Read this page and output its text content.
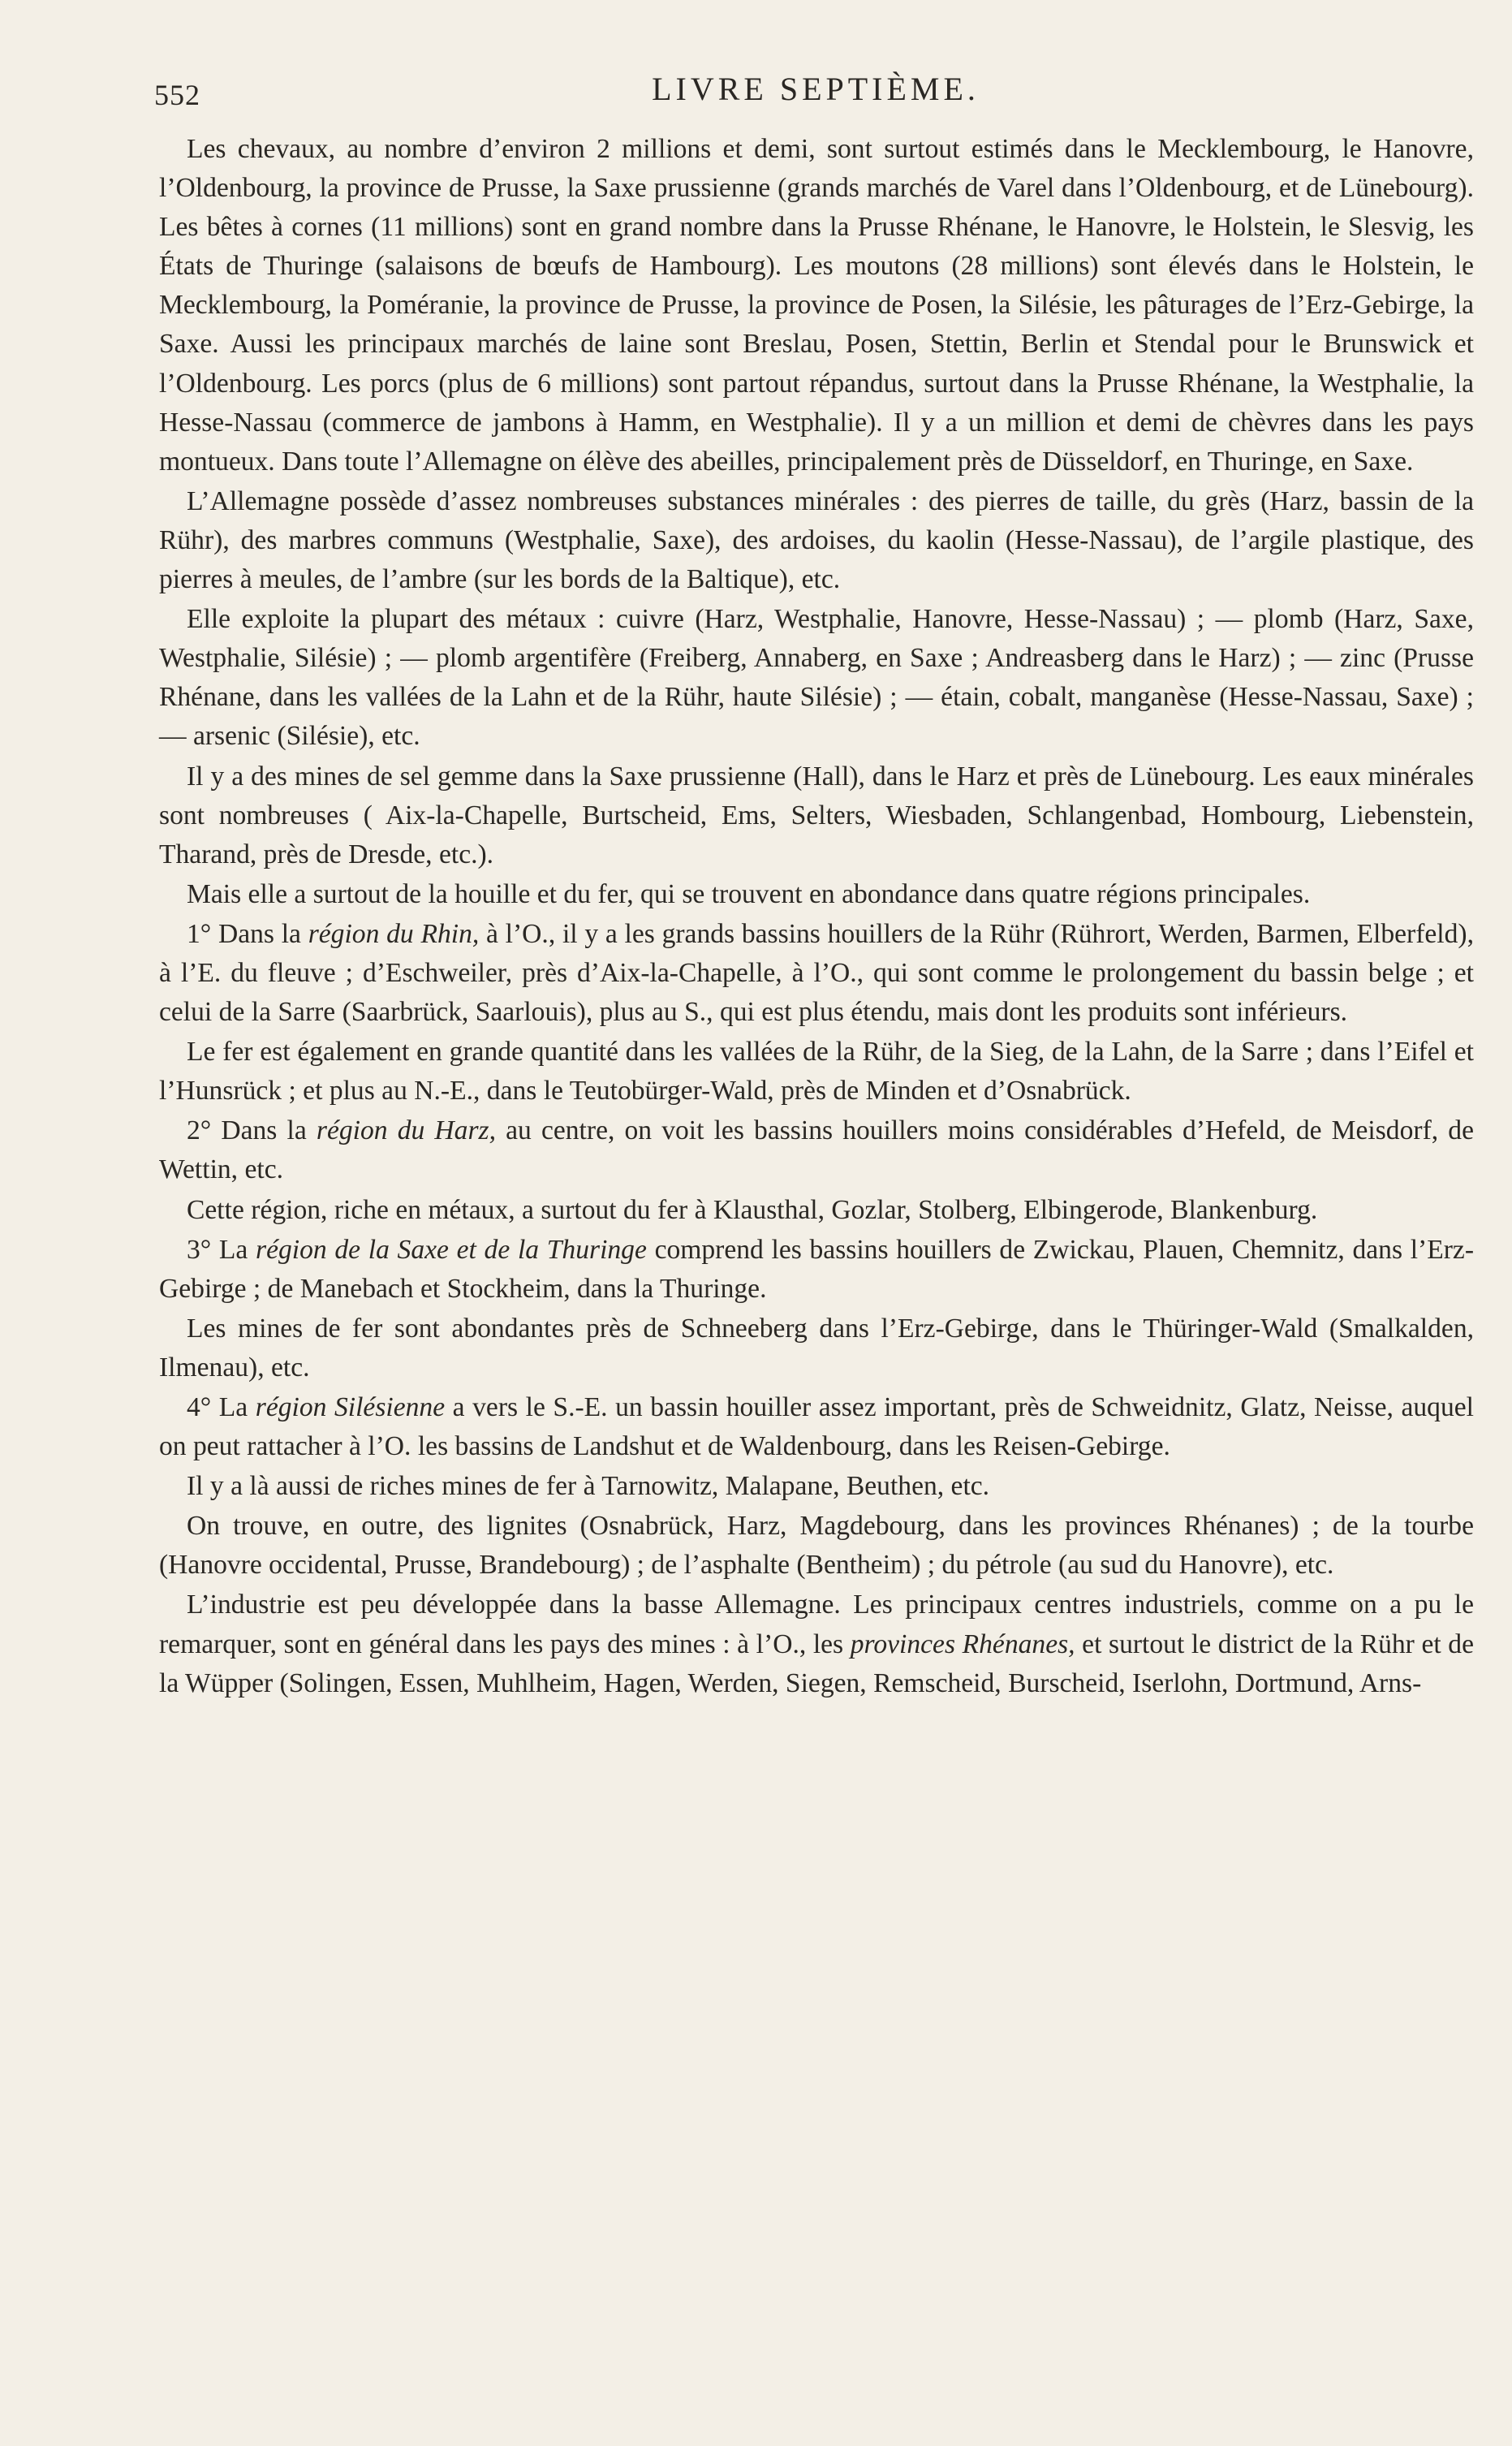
552	LIVRE SEPTIÈME.

Les chevaux, au nombre d’environ 2 millions et demi, sont surtout estimés dans le Mecklembourg, le Hanovre, l’Oldenbourg, la province de Prusse, la Saxe prussienne (grands marchés de Varel dans l’Oldenbourg, et de Lünebourg). Les bêtes à cornes (11 millions) sont en grand nombre dans la Prusse Rhénane, le Hanovre, le Holstein, le Slesvig, les États de Thuringe (salaisons de bœufs de Hambourg). Les moutons (28 millions) sont élevés dans le Holstein, le Mecklembourg, la Poméranie, la province de Prusse, la province de Posen, la Silésie, les pâturages de l’Erz-Gebirge, la Saxe. Aussi les principaux marchés de laine sont Breslau, Posen, Stettin, Berlin et Stendal pour le Brunswick et l’Oldenbourg. Les porcs (plus de 6 millions) sont partout répandus, surtout dans la Prusse Rhénane, la Westphalie, la Hesse-Nassau (commerce de jambons à Hamm, en Westphalie). Il y a un million et demi de chèvres dans les pays montueux. Dans toute l’Allemagne on élève des abeilles, principalement près de Düsseldorf, en Thuringe, en Saxe.

L’Allemagne possède d’assez nombreuses substances minérales : des pierres de taille, du grès (Harz, bassin de la Rühr), des marbres communs (Westphalie, Saxe), des ardoises, du kaolin (Hesse-Nassau), de l’argile plastique, des pierres à meules, de l’ambre (sur les bords de la Baltique), etc.

Elle exploite la plupart des métaux : cuivre (Harz, Westphalie, Hanovre, Hesse-Nassau) ; — plomb (Harz, Saxe, Westphalie, Silésie) ; — plomb argentifère (Freiberg, Annaberg, en Saxe ; Andreasberg dans le Harz) ; — zinc (Prusse Rhénane, dans les vallées de la Lahn et de la Rühr, haute Silésie) ; — étain, cobalt, manganèse (Hesse-Nassau, Saxe) ; — arsenic (Silésie), etc.

Il y a des mines de sel gemme dans la Saxe prussienne (Hall), dans le Harz et près de Lünebourg. Les eaux minérales sont nombreuses ( Aix-la-Chapelle, Burtscheid, Ems, Selters, Wiesbaden, Schlangenbad, Hombourg, Liebenstein, Tharand, près de Dresde, etc.).

Mais elle a surtout de la houille et du fer, qui se trouvent en abondance dans quatre régions principales.

1° Dans la région du Rhin, à l’O., il y a les grands bassins houillers de la Rühr (Rührort, Werden, Barmen, Elberfeld), à l’E. du fleuve ; d’Eschweiler, près d’Aix-la-Chapelle, à l’O., qui sont comme le prolongement du bassin belge ; et celui de la Sarre (Saarbrück, Saarlouis), plus au S., qui est plus étendu, mais dont les produits sont inférieurs.

Le fer est également en grande quantité dans les vallées de la Rühr, de la Sieg, de la Lahn, de la Sarre ; dans l’Eifel et l’Hunsrück ; et plus au N.-E., dans le Teutobürger-Wald, près de Minden et d’Osnabrück.

2° Dans la région du Harz, au centre, on voit les bassins houillers moins considérables d’Hefeld, de Meisdorf, de Wettin, etc.

Cette région, riche en métaux, a surtout du fer à Klausthal, Gozlar, Stolberg, Elbingerode, Blankenburg.

3° La région de la Saxe et de la Thuringe comprend les bassins houillers de Zwickau, Plauen, Chemnitz, dans l’Erz-Gebirge ; de Manebach et Stockheim, dans la Thuringe.

Les mines de fer sont abondantes près de Schneeberg dans l’Erz-Gebirge, dans le Thüringer-Wald (Smalkalden, Ilmenau), etc.

4° La région Silésienne a vers le S.-E. un bassin houiller assez important, près de Schweidnitz, Glatz, Neisse, auquel on peut rattacher à l’O. les bassins de Landshut et de Waldenbourg, dans les Reisen-Gebirge.

Il y a là aussi de riches mines de fer à Tarnowitz, Malapane, Beuthen, etc.

On trouve, en outre, des lignites (Osnabrück, Harz, Magdebourg, dans les provinces Rhénanes) ; de la tourbe (Hanovre occidental, Prusse, Brandebourg) ; de l’asphalte (Bentheim) ; du pétrole (au sud du Hanovre), etc.

L’industrie est peu développée dans la basse Allemagne. Les principaux centres industriels, comme on a pu le remarquer, sont en général dans les pays des mines : à l’O., les provinces Rhénanes, et surtout le district de la Rühr et de la Wüpper (Solingen, Essen, Muhlheim, Hagen, Werden, Siegen, Remscheid, Burscheid, Iserlohn, Dortmund, Arns-
